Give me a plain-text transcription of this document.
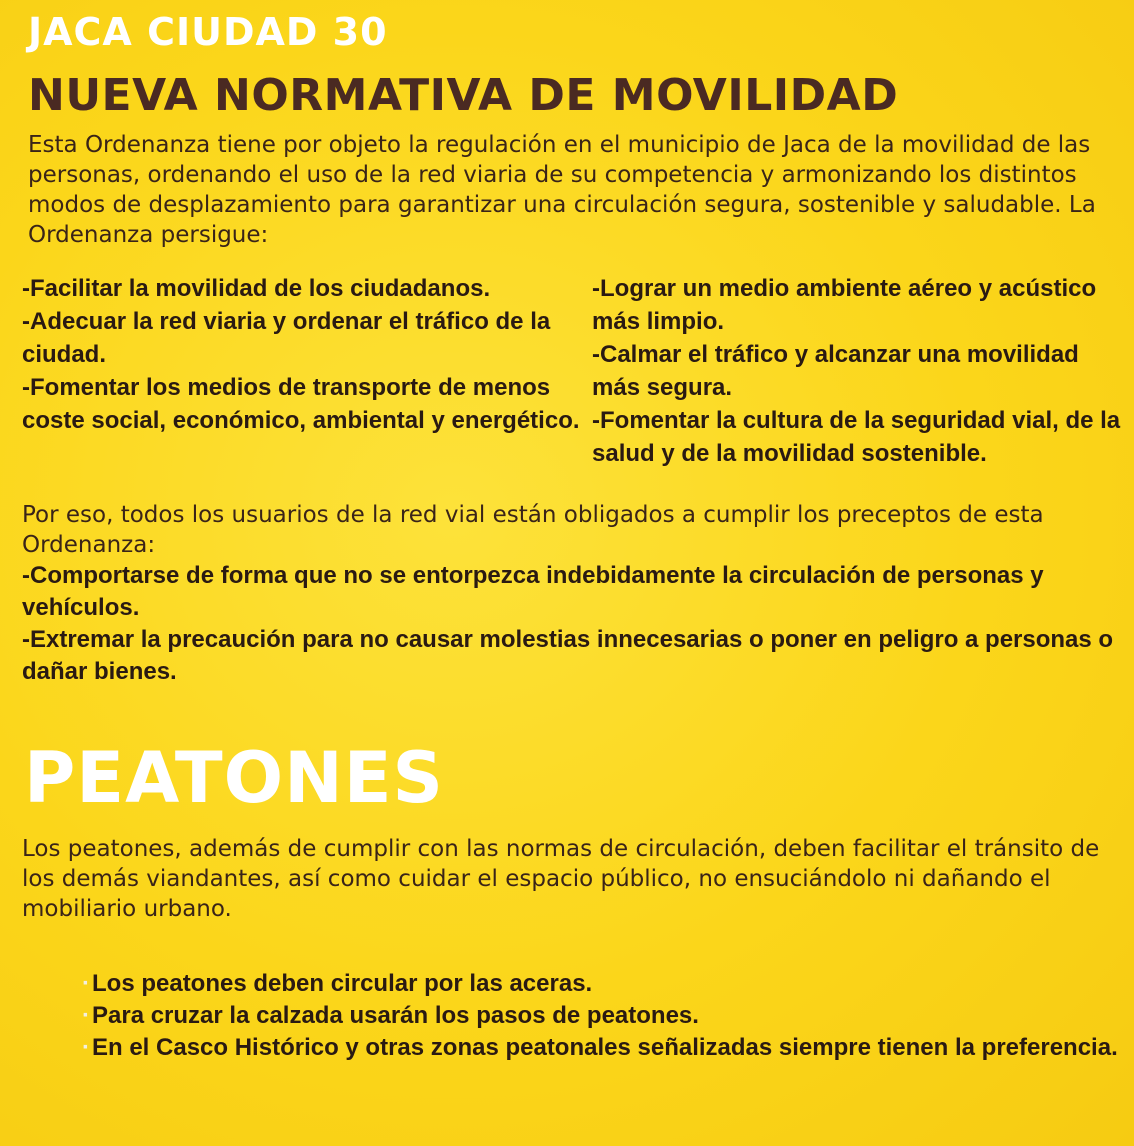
JACA CIUDAD 30
NUEVA NORMATIVA DE MOVILIDAD

Esta Ordenanza tiene por objeto la regulación en el municipio de Jaca de la movilidad de las personas, ordenando el uso de la red viaria de su competencia y armonizando los distintos modos de desplazamiento para garantizar una circulación segura, sostenible y saludable. La Ordenanza persigue:

-Facilitar la movilidad de los ciudadanos.

-Adecuar la red viaria y ordenar el tráfico de la ciudad.

-Fomentar los medios de transporte de menos coste social, económico, ambiental y energético.

-Lograr un medio ambiente aéreo y acústico más limpio.

-Calmar el tráfico y alcanzar una movilidad más segura.

-Fomentar la cultura de la seguridad vial, de la salud y de la movilidad sostenible.

Por eso, todos los usuarios de la red vial están obligados a cumplir los preceptos de esta Ordenanza:

-Comportarse de forma que no se entorpezca indebidamente la circulación de personas y vehículos.

-Extremar la precaución para no causar molestias innecesarias o poner en peligro a personas o dañar bienes.

PEATONES

Los peatones, además de cumplir con las normas de circulación, deben facilitar el tránsito de los demás viandantes, así como cuidar el espacio público, no ensuciándolo ni dañando el mobiliario urbano.

·Los peatones deben circular por las aceras.
·Para cruzar la calzada usarán los pasos de peatones.
·En el Casco Histórico y otras zonas peatonales señalizadas siempre tienen la preferencia.
